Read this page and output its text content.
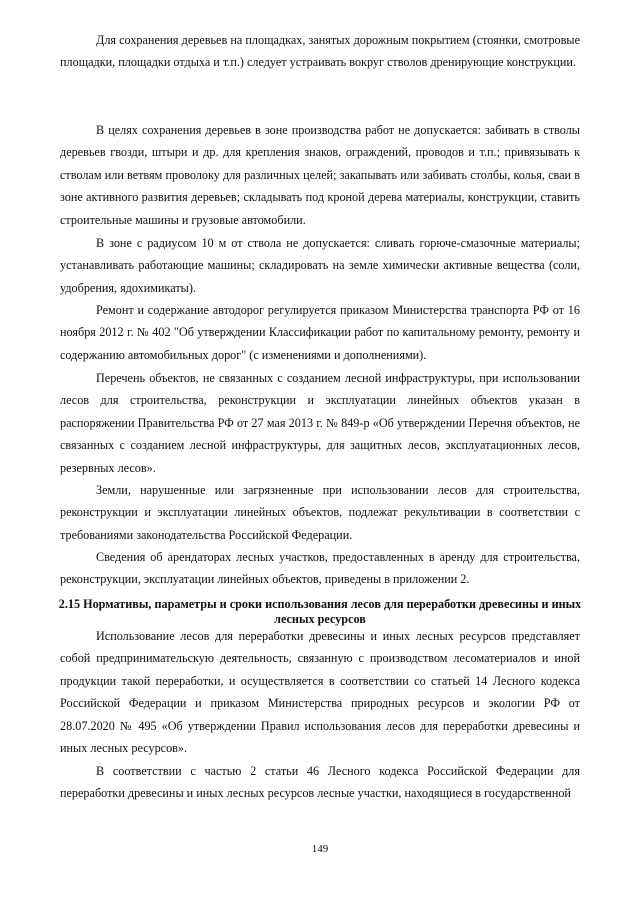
Для сохранения деревьев на площадках, занятых дорожным покрытием (стоянки, смотровые площадки, площадки отдыха и т.п.) следует устраивать вокруг стволов дренирующие конструкции.

В целях сохранения деревьев в зоне производства работ не допускается: забивать в стволы деревьев гвозди, штыри и др. для крепления знаков, ограждений, проводов и т.п.; привязывать к стволам или ветвям проволоку для различных целей; закапывать или забивать столбы, колья, сваи в зоне активного развития деревьев; складывать под кроной дерева материалы, конструкции, ставить строительные машины и грузовые автомобили.

В зоне с радиусом 10 м от ствола не допускается: сливать горюче-смазочные материалы; устанавливать работающие машины; складировать на земле химически активные вещества (соли, удобрения, ядохимикаты).

Ремонт и содержание автодорог регулируется приказом Министерства транспорта РФ от 16 ноября 2012 г. № 402 "Об утверждении Классификации работ по капитальному ремонту, ремонту и содержанию автомобильных дорог" (с изменениями и дополнениями).

Перечень объектов, не связанных с созданием лесной инфраструктуры, при использовании лесов для строительства, реконструкции и эксплуатации линейных объектов указан в распоряжении Правительства РФ от 27 мая 2013 г. № 849-р «Об утверждении Перечня объектов, не связанных с созданием лесной инфраструктуры, для защитных лесов, эксплуатационных лесов, резервных лесов».

Земли, нарушенные или загрязненные при использовании лесов для строительства, реконструкции и эксплуатации линейных объектов, подлежат рекультивации в соответствии с требованиями законодательства Российской Федерации.

Сведения об арендаторах лесных участков, предоставленных в аренду для строительства, реконструкции, эксплуатации линейных объектов, приведены в приложении 2.

2.15 Нормативы, параметры и сроки использования лесов для переработки древесины и иных лесных ресурсов

Использование лесов для переработки древесины и иных лесных ресурсов представляет собой предпринимательскую деятельность, связанную с производством лесоматериалов и иной продукции такой переработки, и осуществляется в соответствии со статьей 14 Лесного кодекса Российской Федерации и приказом Министерства природных ресурсов и экологии РФ от 28.07.2020 № 495 «Об утверждении Правил использования лесов для переработки древесины и иных лесных ресурсов».

В соответствии с частью 2 статьи 46 Лесного кодекса Российской Федерации для переработки древесины и иных лесных ресурсов лесные участки, находящиеся в государственной

149
